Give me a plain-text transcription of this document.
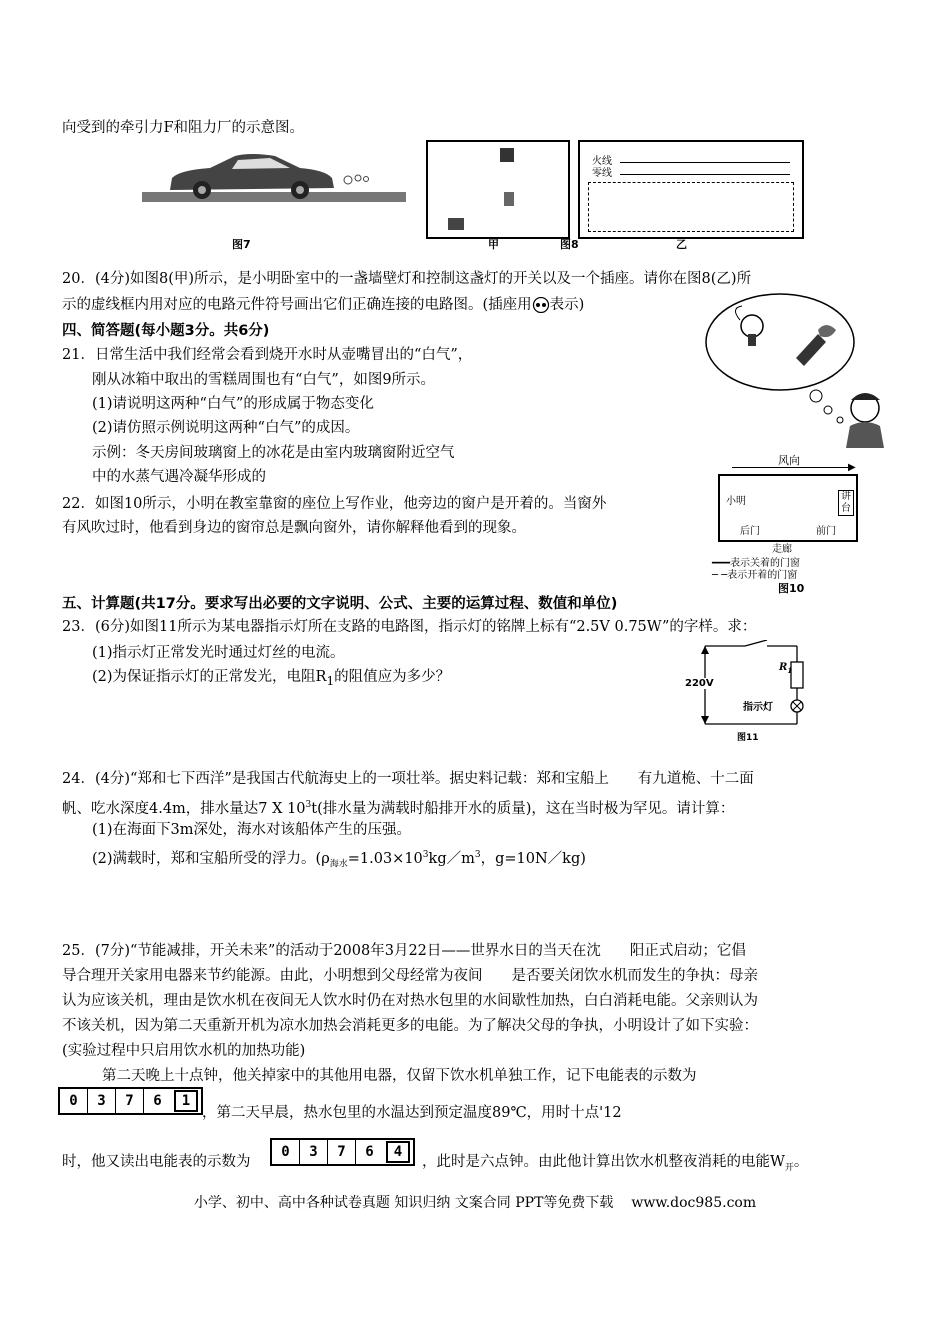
向受到的牵引力F和阻力厂的示意图。
图7
火线
零线
甲	图8	乙
20．(4分)如图8(甲)所示，是小明卧室中的一盏墙壁灯和控制这盏灯的开关以及一个插座。请你在图8(乙)所
示的虚线框内用对应的电路元件符号画出它们正确连接的电路图。(插座用 表示)
四、简答题(每小题3分。共6分)
21．日常生活中我们经常会看到烧开水时从壶嘴冒出的“白气”，
刚从冰箱中取出的雪糕周围也有“白气”，如图9所示。
(1)请说明这两种“白气”的形成属于物态变化
(2)请仿照示例说明这两种“白气”的成因。
示例：冬天房间玻璃窗上的冰花是由室内玻璃窗附近空气
中的水蒸气遇冷凝华形成的
22．如图10所示，小明在教室靠窗的座位上写作业，他旁边的窗户是开着的。当窗外
有风吹过时，他看到身边的窗帘总是飘向窗外，请你解释他看到的现象。
风向
▶
小明	讲
台
后门	前门
走廊
━━━表示关着的门窗
─ ─表示开着的门窗
图10
五、计算题(共17分。要求写出必要的文字说明、公式、主要的运算过程、数值和单位)
23．(6分)如图11所示为某电器指示灯所在支路的电路图，指示灯的铭牌上标有“2.5V 0.75W”的字样。求：
(1)指示灯正常发光时通过灯丝的电流。
(2)为保证指示灯的正常发光，电阻$R_1$的阻值应为多少？	220V
$R_1$
指示灯
图11
24．(4分)“郑和七下西洋”是我国古代航海史上的一项壮举。据史料记载：郑和宝船上　　有九道桅、十二面
帆、吃水深度4.4m，排水量达7 X $10^3t$(排水量为满载时船排开水的质量)，这在当时极为罕见。请计算：
(1)在海面下3m深处，海水对该船体产生的压强。
(2)满载时，郑和宝船所受的浮力。($\rho_{海水}=1.03\times 10^3kg/m^3$，g=10N／kg)
25．(7分)“节能减排，开关未来”的活动于2008年3月22日——世界水日的当天在沈　　阳正式启动；它倡
导合理开关家用电器来节约能源。由此，小明想到父母经常为夜间　　是否要关闭饮水机而发生的争执：母亲
认为应该关机，理由是饮水机在夜间无人饮水时仍在对热水包里的水间歇性加热，白白消耗电能。父亲则认为
不该关机，因为第二天重新开机为凉水加热会消耗更多的电能。为了解决父母的争执，小明设计了如下实验：
(实验过程中只启用饮水机的加热功能)
第二天晚上十点钟，他关掉家中的其他用电器，仅留下饮水机单独工作，记下电能表的示数为
0	3	7	6	1
，第二天早晨，热水包里的水温达到预定温度89℃，用时十点'12
时，他又读出电能表的示数为
0	3	7	6	4
，此时是六点钟。由此他计算出饮水机整夜消耗的电能$W_开$。
小学、初中、高中各种试卷真题 知识归纳 文案合同 PPT等免费下载 www.doc985.com
